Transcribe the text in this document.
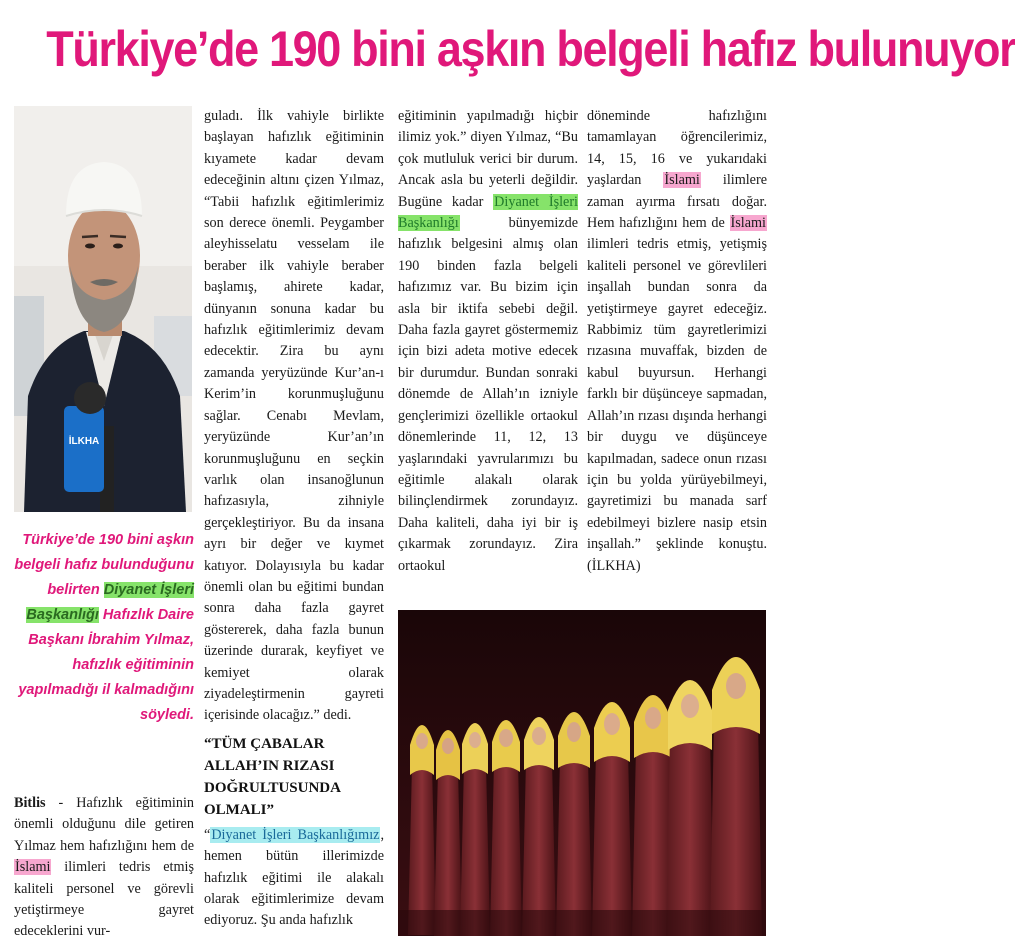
Türkiye’de 190 bini aşkın belgeli hafız bulunuyor
İLKHA
Türkiye’de 190 bini aşkın belgeli hafız bulunduğunu belirten Diyanet İşleri Başkanlığı Hafızlık Daire Başkanı İbrahim Yılmaz, hafızlık eğitiminin yapılmadığı il kalmadığını söyledi.

Bitlis - Hafızlık eğitiminin önemli olduğunu dile getiren Yılmaz hem hafızlığını hem de İslami ilimleri tedris etmiş kaliteli personel ve görevli yetiştirmeye gayret edeceklerini vur-

guladı. İlk vahiyle birlikte başlayan hafızlık eğitiminin kıyamete kadar devam edeceğinin altını çizen Yılmaz, “Tabii hafızlık eğitimlerimiz son derece önemli. Peygamber aleyhisselatu vesselam ile beraber ilk vahiyle beraber başlamış, ahirete kadar, dünyanın sonuna kadar bu hafızlık eğitimlerimiz devam edecektir. Zira bu aynı zamanda yeryüzünde Kur’an-ı Kerim’in korunmuşluğunu sağlar. Cenabı Mevlam, yeryüzünde Kur’an’ın korunmuşluğunu en seçkin varlık olan insanoğlunun hafızasıyla, zihniyle gerçekleştiriyor. Bu da insana ayrı bir değer ve kıymet katıyor. Dolayısıyla bu kadar önemli olan bu eğitimi bundan sonra daha fazla gayret göstererek, daha fazla bunun üzerinde durarak, keyfiyet ve kemiyet olarak ziyadeleştirmenin gayreti içerisinde olacağız.” dedi.

“TÜM ÇABALAR ALLAH’IN RIZASI DOĞRULTUSUNDA OLMALI”

“Diyanet İşleri Başkanlığımız, hemen bütün illerimizde hafızlık eğitimi ile alakalı olarak eğitimlerimize devam ediyoruz. Şu anda hafızlık

eğitiminin yapılmadığı hiçbir ilimiz yok.” diyen Yılmaz, “Bu çok mutluluk verici bir durum. Ancak asla bu yeterli değildir. Bugüne kadar Diyanet İşleri Başkanlığı bünyemizde hafızlık belgesini almış olan 190 binden fazla belgeli hafızımız var. Bu bizim için asla bir iktifa sebebi değil. Daha fazla gayret göstermemiz için bizi adeta motive edecek bir durumdur. Bundan sonraki dönemde de Allah’ın izniyle gençlerimizi özellikle ortaokul dönemlerinde 11, 12, 13 yaşlarındaki yavrularımızı bu eğitimle alakalı olarak bilinçlendirmek zorundayız. Daha kaliteli, daha iyi bir iş çıkarmak zorundayız. Zira ortaokul

döneminde hafızlığını tamamlayan öğrencilerimiz, 14, 15, 16 ve yukarıdaki yaşlardan İslami ilimlere zaman ayırma fırsatı doğar. Hem hafızlığını hem de İslami ilimleri tedris etmiş, yetişmiş kaliteli personel ve görevlileri inşallah bundan sonra da yetiştirmeye gayret edeceğiz. Rabbimiz tüm gayretlerimizi rızasına muvaffak, bizden de kabul buyursun. Herhangi farklı bir düşünceye sapmadan, Allah’ın rızası dışında herhangi bir duygu ve düşünceye kapılmadan, sadece onun rızası için bu yolda yürüyebilmeyi, gayretimizi bu manada sarf edebilmeyi bizlere nasip etsin inşallah.” şeklinde konuştu. (İLKHA)
